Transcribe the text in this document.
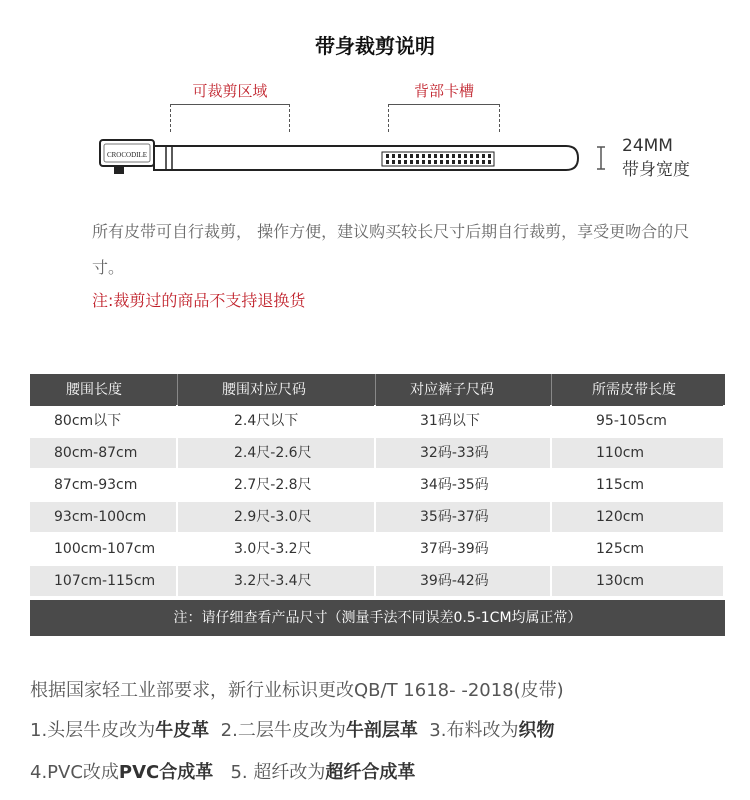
带身裁剪说明
可裁剪区域	背部卡槽
CROCODILE	24MM
带身宽度
所有皮带可自行裁剪， 操作方便，建议购买较长尺寸后期自行裁剪，享受更吻合的尺寸。
注:裁剪过的商品不支持退换货
腰围长度	腰围对应尺码	对应裤子尺码	所需皮带长度
80cm以下	2.4尺以下	31码以下	95-105cm
80cm-87cm	2.4尺-2.6尺	32码-33码	110cm
87cm-93cm	2.7尺-2.8尺	34码-35码	115cm
93cm-100cm	2.9尺-3.0尺	35码-37码	120cm
100cm-107cm	3.0尺-3.2尺	37码-39码	125cm
107cm-115cm	3.2尺-3.4尺	39码-42码	130cm
注：请仔细查看产品尺寸（测量手法不同误差0.5-1CM均属正常）
根据国家轻工业部要求，新行业标识更改QB/T 1618- -2018(皮带)
1.头层牛皮改为牛皮革 2.二层牛皮改为牛剖层革 3.布料改为织物
4.PVC改成PVC合成革 5. 超纤改为超纤合成革
